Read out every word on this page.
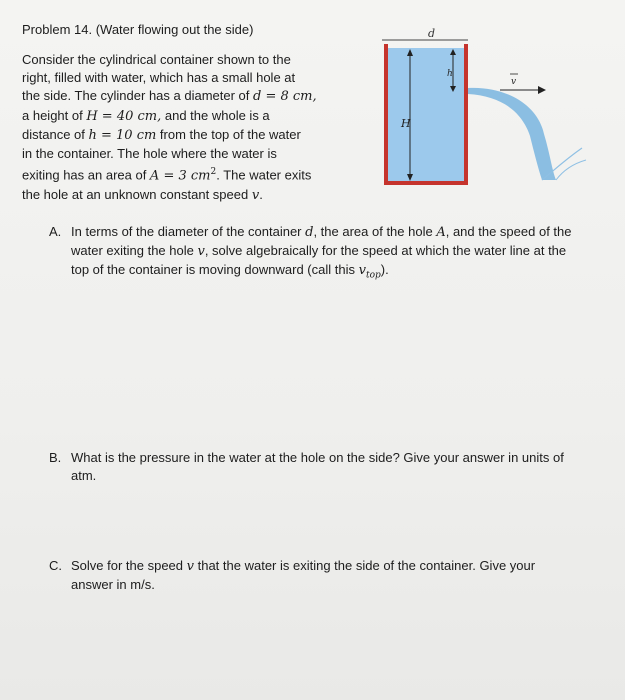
Problem 14. (Water flowing out the side)
Consider the cylindrical container shown to the
right, filled with water, which has a small hole at
the side. The cylinder has a diameter of d = 8 cm,
a height of H = 40 cm, and the whole is a
distance of h = 10 cm from the top of the water
in the container. The hole where the water is
exiting has an area of A = 3 $cm^2$. The water exits
the hole at an unknown constant speed v.
d
H
h
v
A. In terms of the diameter of the container d, the area of the hole A, and the speed of the
water exiting the hole v, solve algebraically for the speed at which the water line at the
top of the container is moving downward (call this $v_{top}$).
B. What is the pressure in the water at the hole on the side? Give your answer in units of
atm.
C. Solve for the speed v that the water is exiting the side of the container. Give your
answer in m/s.
